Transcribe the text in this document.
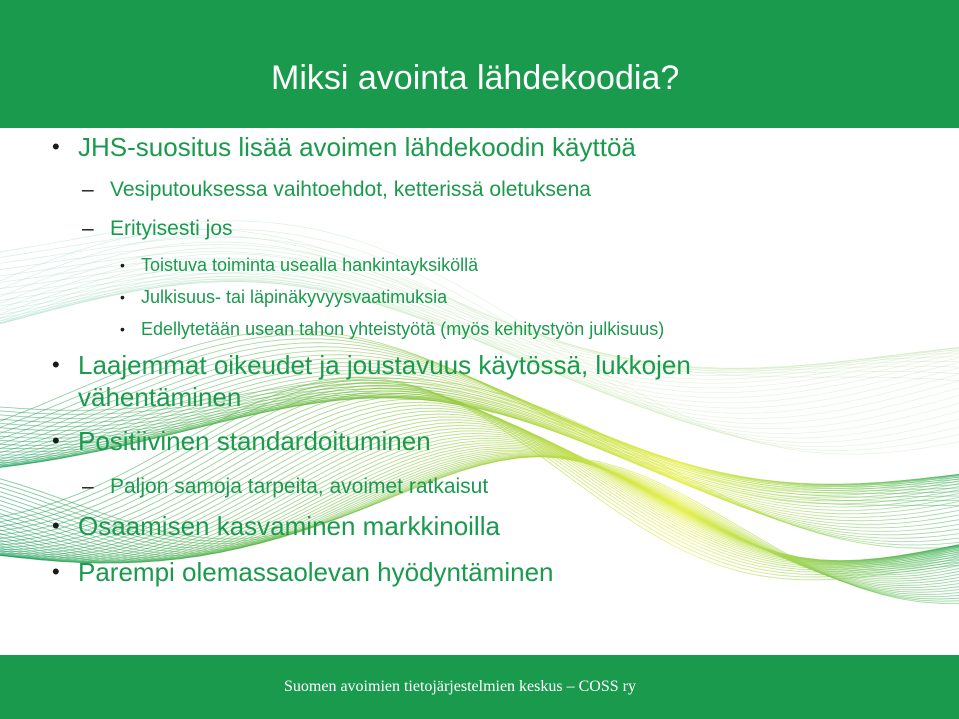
Miksi avointa lähdekoodia?
• JHS-suositus lisää avoimen lähdekoodin käyttöä
– Vesiputouksessa vaihtoehdot, ketterissä oletuksena
– Erityisesti jos
• Toistuva toiminta usealla hankintayksiköllä
• Julkisuus- tai läpinäkyvyysvaatimuksia
• Edellytetään usean tahon yhteistyötä (myös kehitystyön julkisuus)
• Laajemmat oikeudet ja joustavuus käytössä, lukkojen
vähentäminen
• Positiivinen standardoituminen
– Paljon samoja tarpeita, avoimet ratkaisut
• Osaamisen kasvaminen markkinoilla
• Parempi olemassaolevan hyödyntäminen
Suomen avoimien tietojärjestelmien keskus – COSS ry
